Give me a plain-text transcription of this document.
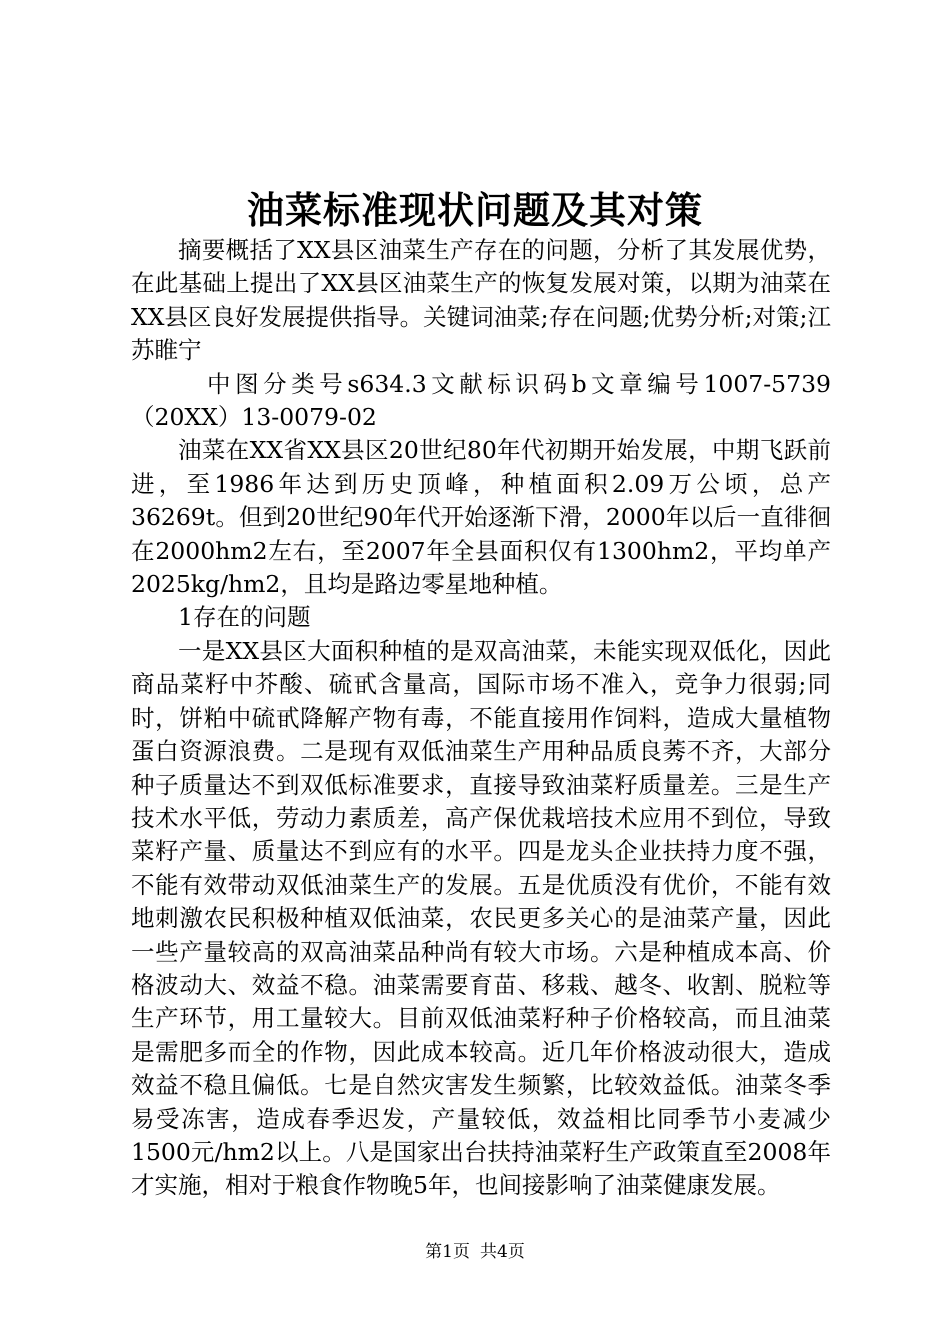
油菜标准现状问题及其对策

摘要概括了XX县区油菜生产存在的问题，分析了其发展优势，在此基础上提出了XX县区油菜生产的恢复发展对策，以期为油菜在XX县区良好发展提供指导。关键词油菜;存在问题;优势分析;对策;江苏睢宁

中图分类号s634.3文献标识码b文章编号1007-5739（20XX）13-0079-02

油菜在XX省XX县区20世纪80年代初期开始发展，中期飞跃前进，至1986年达到历史顶峰，种植面积2.09万公顷，总产36269t。但到20世纪90年代开始逐渐下滑，2000年以后一直徘徊在2000hm2左右，至2007年全县面积仅有1300hm2，平均单产2025kg/hm2，且均是路边零星地种植。

1存在的问题

一是XX县区大面积种植的是双高油菜，未能实现双低化，因此商品菜籽中芥酸、硫甙含量高，国际市场不准入，竞争力很弱;同时，饼粕中硫甙降解产物有毒，不能直接用作饲料，造成大量植物蛋白资源浪费。二是现有双低油菜生产用种品质良莠不齐，大部分种子质量达不到双低标准要求，直接导致油菜籽质量差。三是生产技术水平低，劳动力素质差，高产保优栽培技术应用不到位，导致菜籽产量、质量达不到应有的水平。四是龙头企业扶持力度不强，不能有效带动双低油菜生产的发展。五是优质没有优价，不能有效地刺激农民积极种植双低油菜，农民更多关心的是油菜产量，因此一些产量较高的双高油菜品种尚有较大市场。六是种植成本高、价格波动大、效益不稳。油菜需要育苗、移栽、越冬、收割、脱粒等生产环节，用工量较大。目前双低油菜籽种子价格较高，而且油菜是需肥多而全的作物，因此成本较高。近几年价格波动很大，造成效益不稳且偏低。七是自然灾害发生频繁，比较效益低。油菜冬季易受冻害，造成春季迟发，产量较低，效益相比同季节小麦减少1500元/hm2以上。八是国家出台扶持油菜籽生产政策直至2008年才实施，相对于粮食作物晚5年，也间接影响了油菜健康发展。

第1页 共4页
